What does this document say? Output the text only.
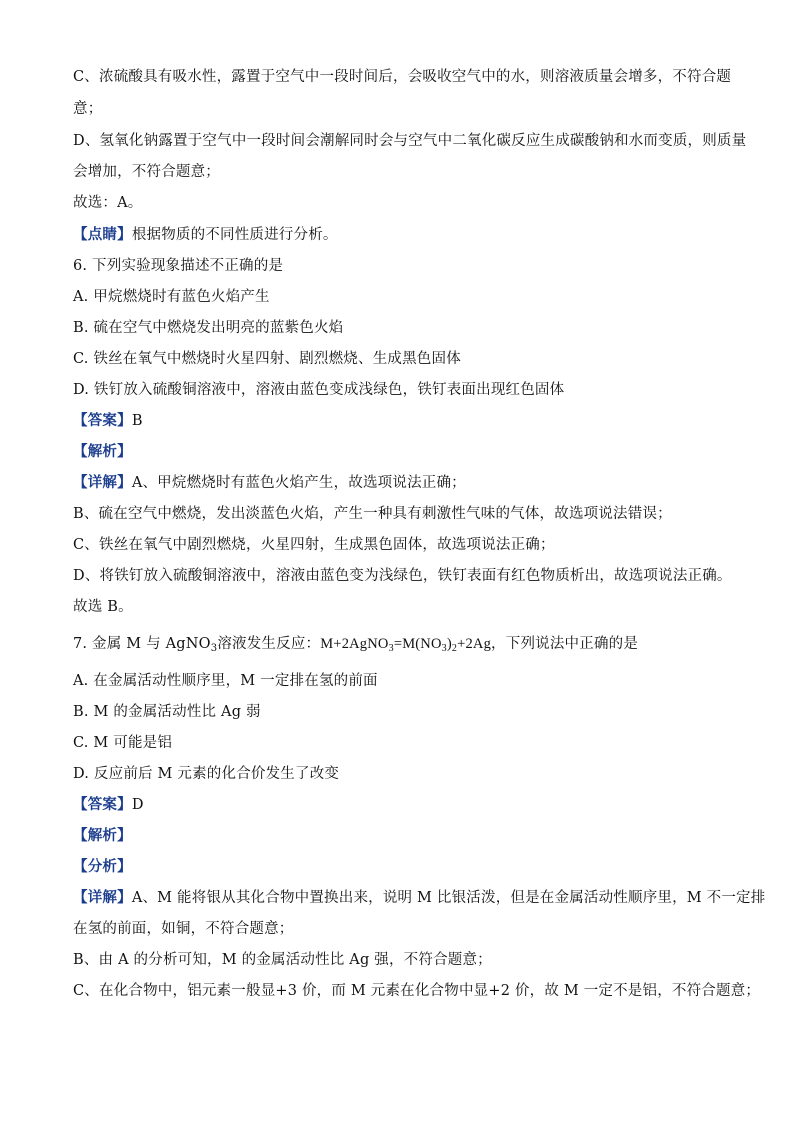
C、浓硫酸具有吸水性，露置于空气中一段时间后，会吸收空气中的水，则溶液质量会增多，不符合题
意；
D、氢氧化钠露置于空气中一段时间会潮解同时会与空气中二氧化碳反应生成碳酸钠和水而变质，则质量
会增加，不符合题意；
故选：A。
【点睛】根据物质的不同性质进行分析。
6. 下列实验现象描述不正确的是
A. 甲烷燃烧时有蓝色火焰产生
B. 硫在空气中燃烧发出明亮的蓝紫色火焰
C. 铁丝在氧气中燃烧时火星四射、剧烈燃烧、生成黑色固体
D. 铁钉放入硫酸铜溶液中，溶液由蓝色变成浅绿色，铁钉表面出现红色固体
【答案】B
【解析】
【详解】A、甲烷燃烧时有蓝色火焰产生，故选项说法正确；
B、硫在空气中燃烧，发出淡蓝色火焰，产生一种具有刺激性气味的气体，故选项说法错误；
C、铁丝在氧气中剧烈燃烧，火星四射，生成黑色固体，故选项说法正确；
D、将铁钉放入硫酸铜溶液中，溶液由蓝色变为浅绿色，铁钉表面有红色物质析出，故选项说法正确。
故选 B。
7. 金属 M 与 AgNO$_3$溶液发生反应：$M+2AgNO_3=M(NO_3)_2+2Ag$，下列说法中正确的是
A. 在金属活动性顺序里，M 一定排在氢的前面
B. M 的金属活动性比 Ag 弱
C. M 可能是铝
D. 反应前后 M 元素的化合价发生了改变
【答案】D
【解析】
【分析】
【详解】A、M 能将银从其化合物中置换出来，说明 M 比银活泼，但是在金属活动性顺序里，M 不一定排
在氢的前面，如铜，不符合题意；
B、由 A 的分析可知，M 的金属活动性比 Ag 强，不符合题意；
C、在化合物中，铝元素一般显+3 价，而 M 元素在化合物中显+2 价，故 M 一定不是铝，不符合题意；
